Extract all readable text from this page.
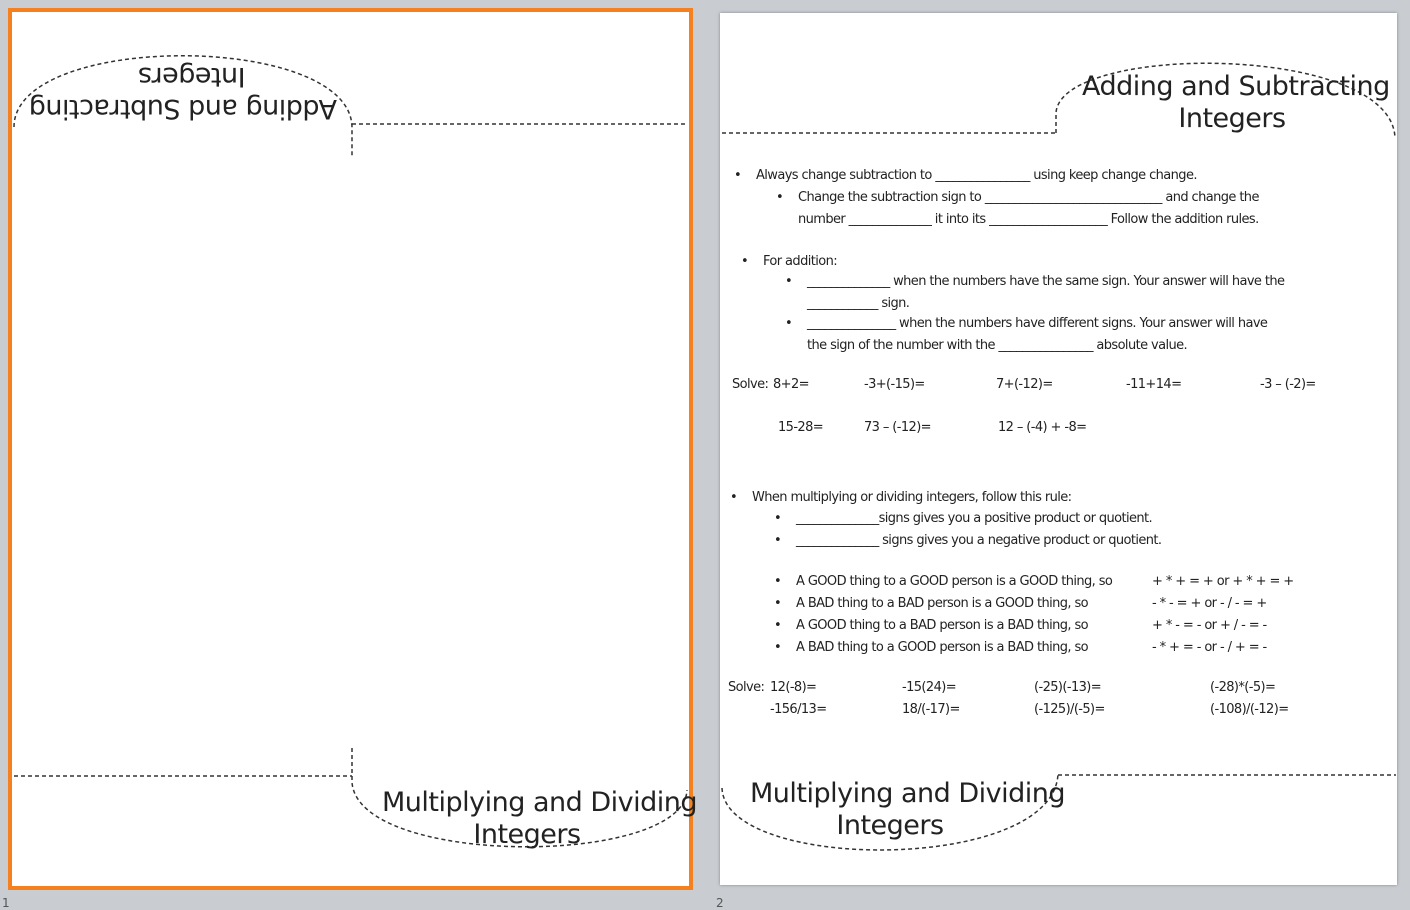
Adding and Subtracting
Integers
Multiplying and Dividing
Integers
1
Adding and Subtracting
Integers
• Always change subtraction to ________________ using keep change change.
• Change the subtraction sign to ______________________________ and change the
number ______________ it into its ____________________ Follow the addition rules.
• For addition:
• ______________ when the numbers have the same sign. Your answer will have the
____________ sign.
• _______________ when the numbers have different signs. Your answer will have
the sign of the number with the ________________ absolute value.
Solve: 8+2=	-3+(-15)=	7+(-12)=	-11+14=	-3 – (-2)=
15-28=	73 – (-12)=	12 – (-4) + -8=
• When multiplying or dividing integers, follow this rule:
• ______________signs gives you a positive product or quotient.
• ______________ signs gives you a negative product or quotient.
• A GOOD thing to a GOOD person is a GOOD thing, so	+ * + = + or + * + = +
• A BAD thing to a BAD person is a GOOD thing, so	- * - = + or - / - = +
• A GOOD thing to a BAD person is a BAD thing, so	+ * - = - or + / - = -
• A BAD thing to a GOOD person is a BAD thing, so	- * + = - or - / + = -
Solve: 12(-8)=	-15(24)=	(-25)(-13)=	(-28)*(-5)=
-156/13=	18/(-17)=	(-125)/(-5)=	(-108)/(-12)=
Multiplying and Dividing
Integers
2
